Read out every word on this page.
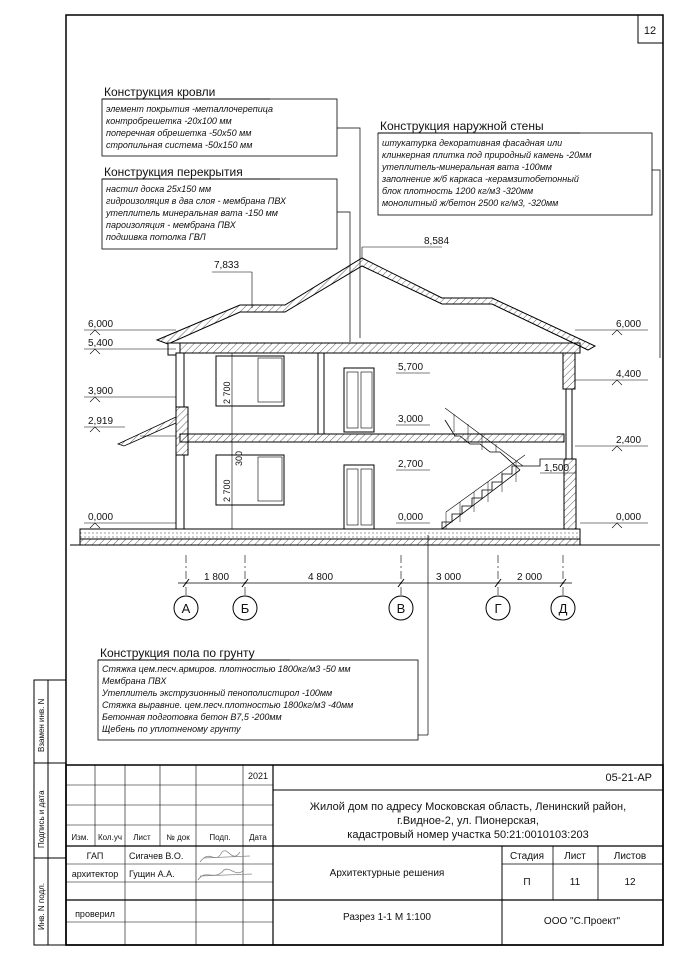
12
Взамен инв. N
Подпись и дата
Инв. N подл.
Конструкция кровли
элемент покрытия -металлочерепица
контробрешетка -20x100 мм
поперечная обрешетка -50x50 мм
стропильная система -50x150 мм
Конструкция перекрытия
настил доска 25x150 мм
гидроизоляция в два слоя - мембрана ПВХ
утеплитель минеральная вата -150 мм
пароизоляция - мембрана ПВХ
подшивка потолка ГВЛ
Конструкция наружной стены
штукатурка декоративная фасадная или
клинкерная плитка под природный камень -20мм
утеплитель-минеральная вата -100мм
заполнение ж/б каркаса -керамзитобетонный
блок плотность 1200 кг/м3 -320мм
монолитный ж/бетон 2500 кг/м3, -320мм
6,000
5,400
3,900
2,919
0,000
7,833
8,584
5,700
3,000
2,700
0,000
6,000
4,400
2,400
1,500
0,000
2 700
300
2 700
1 800	4 800	3 000	2 000
А	Б	В	Г	Д
Конструкция пола по грунту
Стяжка цем.песч.армиров. плотностью 1800кг/м3 -50 мм
Мембрана ПВХ
Утеплитель экструзионный пенополистирол -100мм
Стяжка выравние. цем.песч.плотностью 1800кг/м3 -40мм
Бетонная подготовка бетон В7,5 -200мм
Щебень по уплотненому грунту
2021	05-21-АР
Жилой дом по адресу Московская область, Ленинский район,
г.Видное-2, ул. Пионерская,
кадастровый номер участка 50:21:0010103:203
Изм. Кол.уч Лист № док Подп. Дата
ГАП	Сигачев В.О.
архитектор Гущин А.А.
проверил
Архитектурные решения
Стадия Лист	Листов
П	11	12
Разрез 1-1 М 1:100	ООО "С.Проект"
